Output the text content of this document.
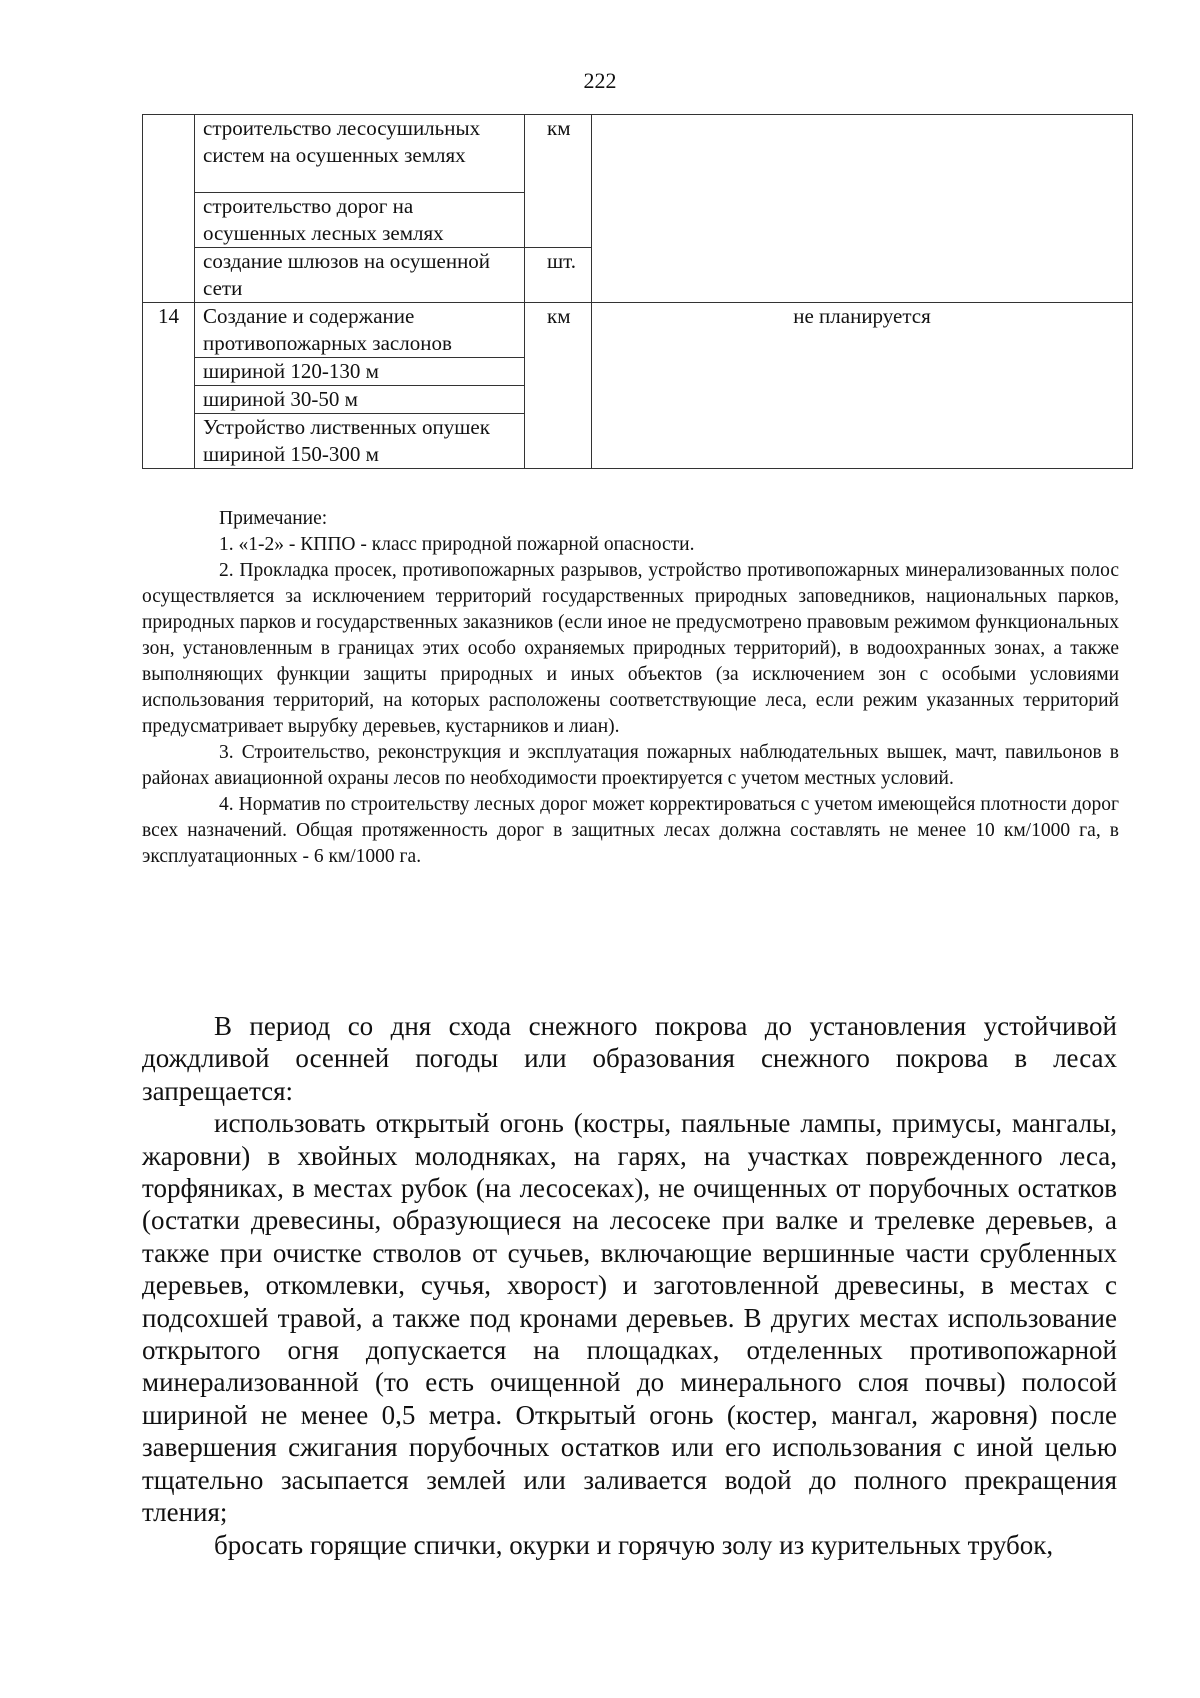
222
	строительство лесосушильных систем на осушенных землях	км	
	строительство дорог на осушенных лесных землях		
	создание шлюзов на осушенной сети	шт.	
14	Создание и содержание противопожарных заслонов	км	не планируется
	шириной 120-130 м		
	шириной 30-50 м		
	Устройство лиственных опушек шириной 150-300 м		

Примечание:

1. «1-2» - КППО - класс природной пожарной опасности.

2. Прокладка просек, противопожарных разрывов, устройство противопожарных минерализованных полос осуществляется за исключением территорий государственных природных заповедников, национальных парков, природных парков и государственных заказников (если иное не предусмотрено правовым режимом функциональных зон, установленным в границах этих особо охраняемых природных территорий), в водоохранных зонах, а также выполняющих функции защиты природных и иных объектов (за исключением зон с особыми условиями использования территорий, на которых расположены соответствующие леса, если режим указанных территорий предусматривает вырубку деревьев, кустарников и лиан).

3. Строительство, реконструкция и эксплуатация пожарных наблюдательных вышек, мачт, павильонов в районах авиационной охраны лесов по необходимости проектируется с учетом местных условий.

4. Норматив по строительству лесных дорог может корректироваться с учетом имеющейся плотности дорог всех назначений. Общая протяженность дорог в защитных лесах должна составлять не менее 10 км/1000 га, в эксплуатационных - 6 км/1000 га.

В период со дня схода снежного покрова до установления устойчивой дождливой осенней погоды или образования снежного покрова в лесах запрещается:

использовать открытый огонь (костры, паяльные лампы, примусы, мангалы, жаровни) в хвойных молодняках, на гарях, на участках поврежденного леса, торфяниках, в местах рубок (на лесосеках), не очищенных от порубочных остатков (остатки древесины, образующиеся на лесосеке при валке и трелевке деревьев, а также при очистке стволов от сучьев, включающие вершинные части срубленных деревьев, откомлевки, сучья, хворост) и заготовленной древесины, в местах с подсохшей травой, а также под кронами деревьев. В других местах использование открытого огня допускается на площадках, отделенных противопожарной минерализованной (то есть очищенной до минерального слоя почвы) полосой шириной не менее 0,5 метра. Открытый огонь (костер, мангал, жаровня) после завершения сжигания порубочных остатков или его использования с иной целью тщательно засыпается землей или заливается водой до полного прекращения тления;

бросать горящие спички, окурки и горячую золу из курительных трубок,
